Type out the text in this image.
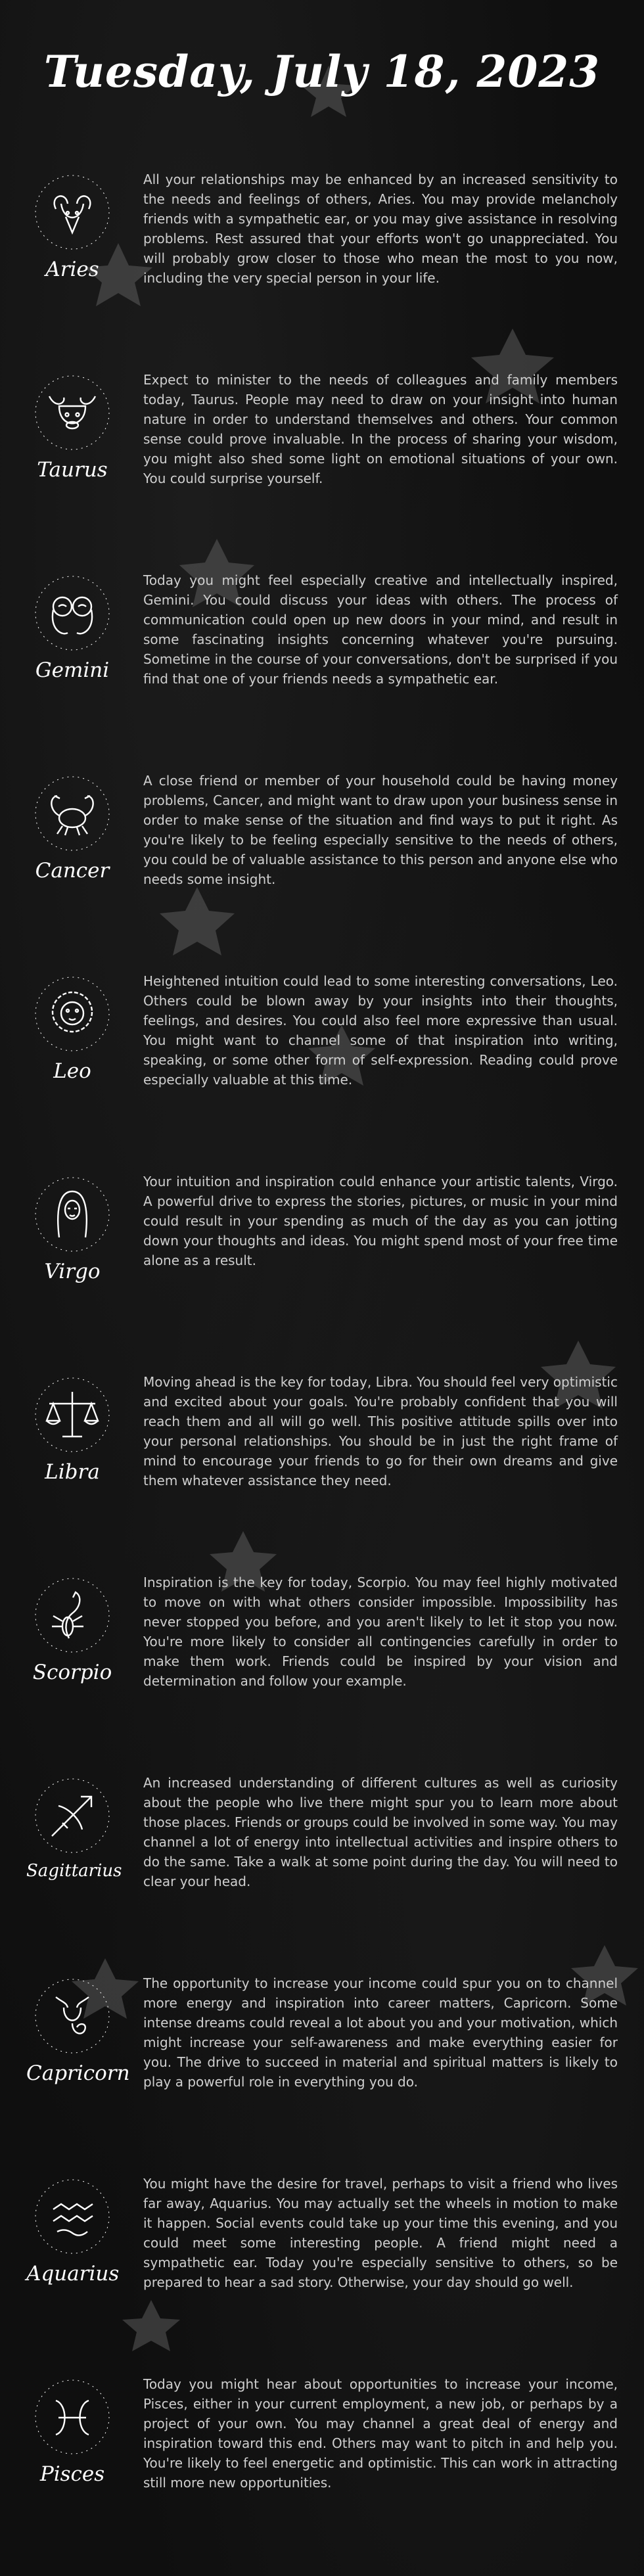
Tuesday, July 18, 2023
Aries

All your relationships may be enhanced by an increased sensitivity to the needs and feelings of others, Aries. You may provide melancholy friends with a sympathetic ear, or you may give assistance in resolving problems. Rest assured that your efforts won't go unappreciated. You will probably grow closer to those who mean the most to you now, including the very special person in your life.

Taurus

Expect to minister to the needs of colleagues and family members today, Taurus. People may need to draw on your insight into human nature in order to understand themselves and others. Your common sense could prove invaluable. In the process of sharing your wisdom, you might also shed some light on emotional situations of your own. You could surprise yourself.

Gemini

Today you might feel especially creative and intellectually inspired, Gemini. You could discuss your ideas with others. The process of communication could open up new doors in your mind, and result in some fascinating insights concerning whatever you're pursuing. Sometime in the course of your conversations, don't be surprised if you find that one of your friends needs a sympathetic ear.

Cancer

A close friend or member of your household could be having money problems, Cancer, and might want to draw upon your business sense in order to make sense of the situation and find ways to put it right. As you're likely to be feeling especially sensitive to the needs of others, you could be of valuable assistance to this person and anyone else who needs some insight.

Leo

Heightened intuition could lead to some interesting conversations, Leo. Others could be blown away by your insights into their thoughts, feelings, and desires. You could also feel more expressive than usual. You might want to channel some of that inspiration into writing, speaking, or some other form of self-expression. Reading could prove especially valuable at this time.

Virgo

Your intuition and inspiration could enhance your artistic talents, Virgo. A powerful drive to express the stories, pictures, or music in your mind could result in your spending as much of the day as you can jotting down your thoughts and ideas. You might spend most of your free time alone as a result.

Libra

Moving ahead is the key for today, Libra. You should feel very optimistic and excited about your goals. You're probably confident that you will reach them and all will go well. This positive attitude spills over into your personal relationships. You should be in just the right frame of mind to encourage your friends to go for their own dreams and give them whatever assistance they need.

Scorpio

Inspiration is the key for today, Scorpio. You may feel highly motivated to move on with what others consider impossible. Impossibility has never stopped you before, and you aren't likely to let it stop you now. You're more likely to consider all contingencies carefully in order to make them work. Friends could be inspired by your vision and determination and follow your example.

Sagittarius

An increased understanding of different cultures as well as curiosity about the people who live there might spur you to learn more about those places. Friends or groups could be involved in some way. You may channel a lot of energy into intellectual activities and inspire others to do the same. Take a walk at some point during the day. You will need to clear your head.

Capricorn

The opportunity to increase your income could spur you on to channel more energy and inspiration into career matters, Capricorn. Some intense dreams could reveal a lot about you and your motivation, which might increase your self-awareness and make everything easier for you. The drive to succeed in material and spiritual matters is likely to play a powerful role in everything you do.

Aquarius

You might have the desire for travel, perhaps to visit a friend who lives far away, Aquarius. You may actually set the wheels in motion to make it happen. Social events could take up your time this evening, and you could meet some interesting people. A friend might need a sympathetic ear. Today you're especially sensitive to others, so be prepared to hear a sad story. Otherwise, your day should go well.

Pisces

Today you might hear about opportunities to increase your income, Pisces, either in your current employment, a new job, or perhaps by a project of your own. You may channel a great deal of energy and inspiration toward this end. Others may want to pitch in and help you. You're likely to feel energetic and optimistic. This can work in attracting still more new opportunities.
